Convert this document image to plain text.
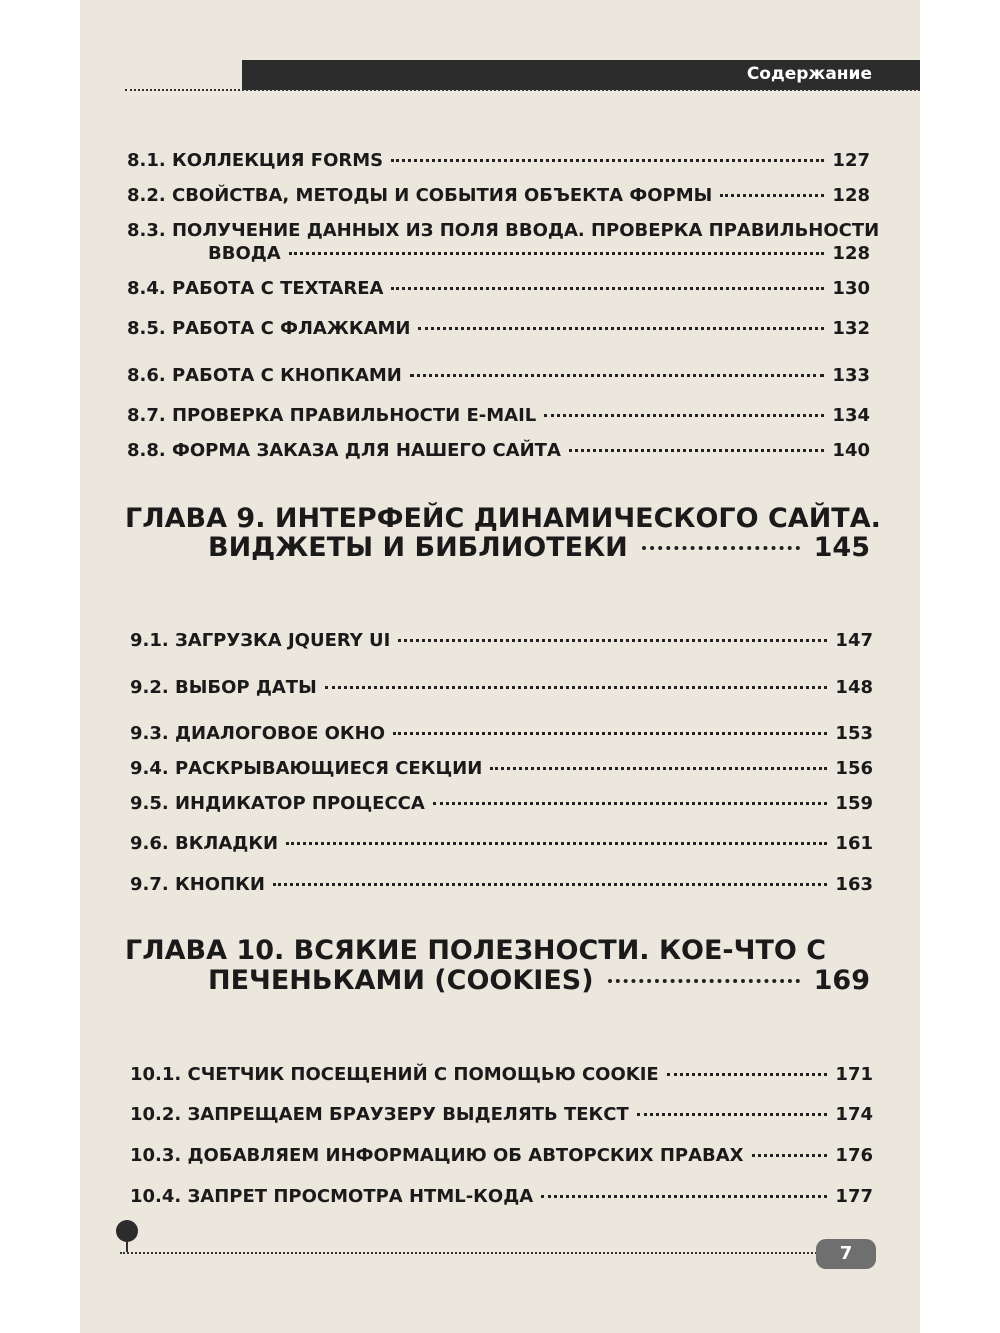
Содержание
8.1. КОЛЛЕКЦИЯ FORMS	127
8.2. СВОЙСТВА, МЕТОДЫ И СОБЫТИЯ ОБЪЕКТА ФОРМЫ	128
8.3. ПОЛУЧЕНИЕ ДАННЫХ ИЗ ПОЛЯ ВВОДА. ПРОВЕРКА ПРАВИЛЬНОСТИ
ВВОДА	128
8.4. РАБОТА С TEXTAREA	130
8.5. РАБОТА С ФЛАЖКАМИ	132
8.6. РАБОТА С КНОПКАМИ	133
8.7. ПРОВЕРКА ПРАВИЛЬНОСТИ E-MAIL	134
8.8. ФОРМА ЗАКАЗА ДЛЯ НАШЕГО САЙТА	140
ГЛАВА 9. ИНТЕРФЕЙС ДИНАМИЧЕСКОГО САЙТА.
ВИДЖЕТЫ И БИБЛИОТЕКИ	145
9.1. ЗАГРУЗКА JQUERY UI	147
9.2. ВЫБОР ДАТЫ	148
9.3. ДИАЛОГОВОЕ ОКНО	153
9.4. РАСКРЫВАЮЩИЕСЯ СЕКЦИИ	156
9.5. ИНДИКАТОР ПРОЦЕССА	159
9.6. ВКЛАДКИ	161
9.7. КНОПКИ	163
ГЛАВА 10. ВСЯКИЕ ПОЛЕЗНОСТИ. КОЕ-ЧТО С
ПЕЧЕНЬКАМИ (COOKIES)	169
10.1. СЧЕТЧИК ПОСЕЩЕНИЙ С ПОМОЩЬЮ COOKIE	171
10.2. ЗАПРЕЩАЕМ БРАУЗЕРУ ВЫДЕЛЯТЬ ТЕКСТ	174
10.3. ДОБАВЛЯЕМ ИНФОРМАЦИЮ ОБ АВТОРСКИХ ПРАВАХ	176
10.4. ЗАПРЕТ ПРОСМОТРА HTML-КОДА	177
7
